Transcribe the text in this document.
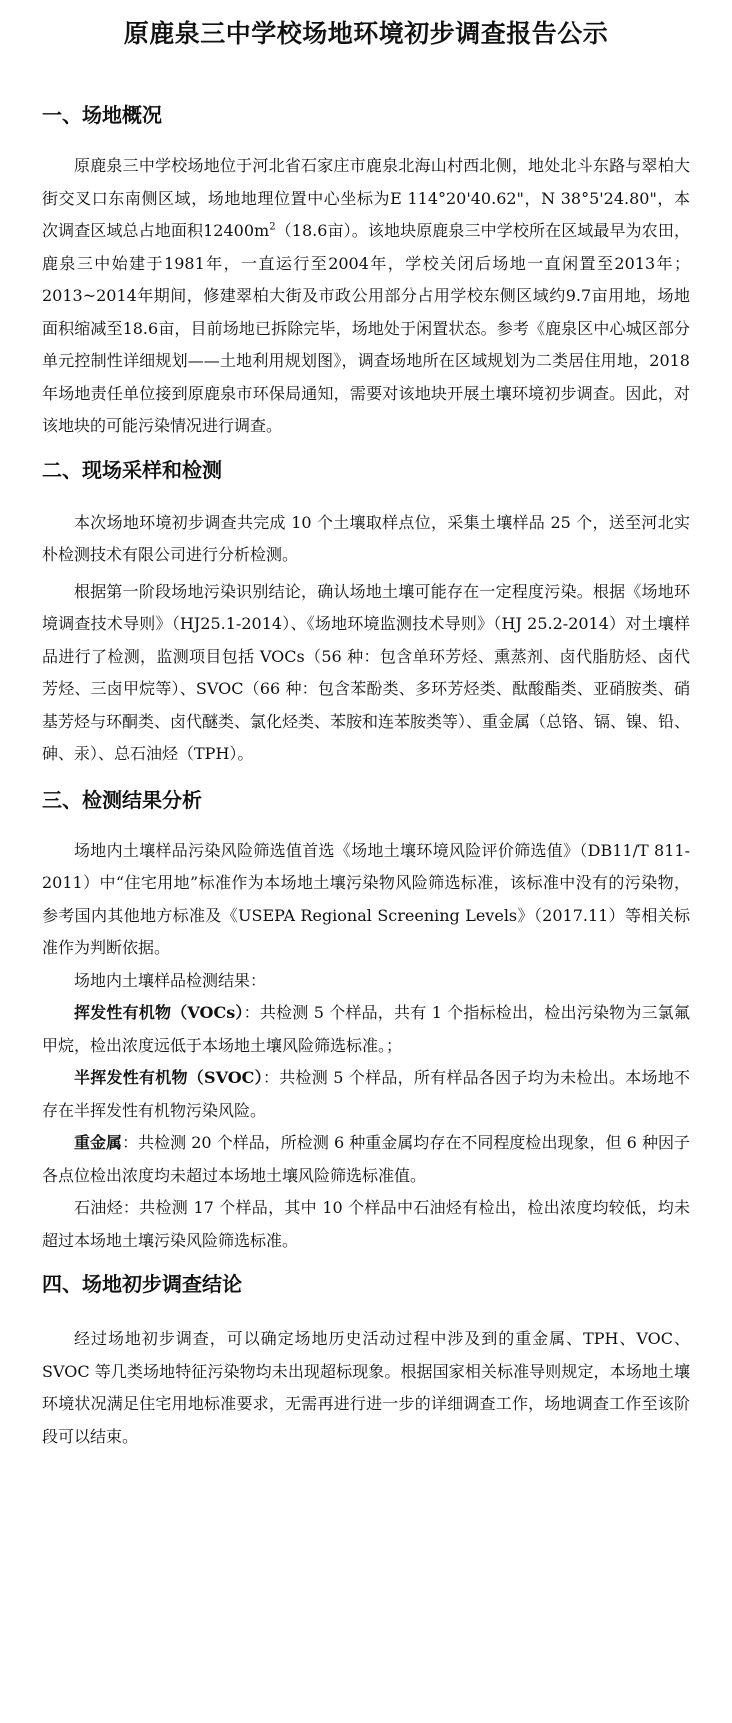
原鹿泉三中学校场地环境初步调查报告公示
一、场地概况

原鹿泉三中学校场地位于河北省石家庄市鹿泉北海山村西北侧，地处北斗东路与翠柏大街交叉口东南侧区域，场地地理位置中心坐标为E 114°20'40.62"，N 38°5'24.80"，本次调查区域总占地面积$12400m^2(18.6$亩）。该地块原鹿泉三中学校所在区域最早为农田，鹿泉三中始建于1981年，一直运行至2004年，学校关闭后场地一直闲置至2013年；2013~2014年期间，修建翠柏大街及市政公用部分占用学校东侧区域约9.7亩用地，场地面积缩减至18.6亩，目前场地已拆除完毕，场地处于闲置状态。参考《鹿泉区中心城区部分单元控制性详细规划——土地利用规划图》，调查场地所在区域规划为二类居住用地，2018年场地责任单位接到原鹿泉市环保局通知，需要对该地块开展土壤环境初步调查。因此，对该地块的可能污染情况进行调查。

二、现场采样和检测

本次场地环境初步调查共完成 10 个土壤取样点位，采集土壤样品 25 个，送至河北实朴检测技术有限公司进行分析检测。

根据第一阶段场地污染识别结论，确认场地土壤可能存在一定程度污染。根据《场地环境调查技术导则》（HJ25.1-2014）、《场地环境监测技术导则》（HJ 25.2-2014）对土壤样品进行了检测，监测项目包括 VOCs（56 种：包含单环芳烃、熏蒸剂、卤代脂肪烃、卤代芳烃、三卤甲烷等）、SVOC（66 种：包含苯酚类、多环芳烃类、酞酸酯类、亚硝胺类、硝基芳烃与环酮类、卤代醚类、氯化烃类、苯胺和连苯胺类等）、重金属（总铬、镉、镍、铅、砷、汞）、总石油烃（TPH）。

三、检测结果分析

场地内土壤样品污染风险筛选值首选《场地土壤环境风险评价筛选值》（DB11/T 811-2011）中“住宅用地”标准作为本场地土壤污染物风险筛选标准，该标准中没有的污染物，参考国内其他地方标准及《USEPA Regional Screening Levels》（2017.11）等相关标准作为判断依据。

场地内土壤样品检测结果：

挥发性有机物（VOCs）：共检测 5 个样品，共有 1 个指标检出，检出污染物为三氯氟甲烷，检出浓度远低于本场地土壤风险筛选标准。；

半挥发性有机物（SVOC）：共检测 5 个样品，所有样品各因子均为未检出。本场地不存在半挥发性有机物污染风险。

重金属：共检测 20 个样品，所检测 6 种重金属均存在不同程度检出现象，但 6 种因子各点位检出浓度均未超过本场地土壤风险筛选标准值。

石油烃：共检测 17 个样品，其中 10 个样品中石油烃有检出，检出浓度均较低，均未超过本场地土壤污染风险筛选标准。

四、场地初步调查结论

经过场地初步调查，可以确定场地历史活动过程中涉及到的重金属、TPH、VOC、SVOC 等几类场地特征污染物均未出现超标现象。根据国家相关标准导则规定，本场地土壤环境状况满足住宅用地标准要求，无需再进行进一步的详细调查工作，场地调查工作至该阶段可以结束。
